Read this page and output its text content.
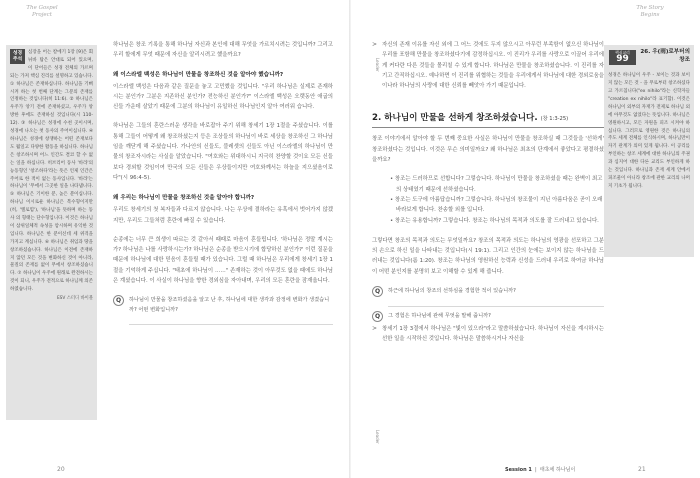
The Gospel Project
성경 주석
심장을 어는 칼에기 1장 [9]은 회 뉘바 탐은 안대로 되어 있으며, 이 단어들은 성경 전체의 가르며 되는 가져 핵심 진리를 설명하고 있습니다. ① 하나님은 존재하십니다. 하나님을 기뻐시켜 하는 첫 번째 단계는 그분의 존재를 인정하는 것입니다(히 11:6). ② 하나님은 우주가 앙기 전에 존재하셨고, 우주가 앙 방한 후에도 존재하실 것입니다(시 110-12). ③ 하나님은 성경에 수천 곳이시며, 성경에 나오는 첫 동사의 주어이십니다. ④ 하나님은 성경에 창쟁하는 어떤 존재보다도 월일고 다양한 활동을 하십니다. 하나님은 창조하시며 어느 인간도 결코 할 수 없는 일을 하십니다. 히브리어 동사 '바라'의 능동형인 '창조하다'라는 뜻은 언제 인간은 주어로 한 적이 없는 동사입니다. '바라'는 하나님이 '무에서 그곳한 일을 나타냅니다. ⑤ 하나님은 기이한 분, 높은 분이십니다. 하나님 이시로운 하나님은 복수형이지만(히, '엘로힘'), '하나님'을 뜻하며 하는 동사 의 형태는 단수형입니다. 이것은 하나님이 삼위일체적 속성을 암시하며 유익한 것입니다. 하나님은 한 분이신데 세 위격을 가지고 계십니다. ⑥ 하나님은 취임과 땅을 창조하셨습니다. 하나님은 이전에 존재하지 않던 모든 것을 변화하신 것이 아니라, 물질의 존재를 없이 무에서 창조하셨습니다. ⑦ 하나님이 우주에 원래로 완전하시는 것이 되니, 우주가 전적으로 하나님께 의존하였습니다.
ESV 스터디 바이블

하나님은 창조 기록을 통해 하나님 자신과 본인에 대해 무엇을 가르치시려는 것입니까? 그리고 우리 할에게 무엇 때문에 자신을 알리시려고 했을까요?

왜 이스라엘 백성은 하나님이 만물을 창조하신 것을 알아야 했습니까?

이스라엘 백성은 다음과 같은 질문을 놓고 고민했을 것입니다. "우리 하나님은 실제로 존재하시는 분인가? 그분은 지존하신 분인가? 전능하신 분인가?" 이스라엘 백성은 오랫동안 애굽의 신들 가운데 살았기 때문에 그분의 하나님이 유일하신 하나님인지 알아 여러워 습니다.

하나님은 그들의 혼란스러운 생각을 바로잡아 주기 위해 창세기 1장 1절을 주셨습니다. 이를 통해 그들이 어떻게 왜 창조하셨는지 등은 조상들의 하나님이 바로 세상을 창조하신 그 하나님임을 깨닫게 해 주셨습니다. 가나안의 신들도, 블레셋의 신들도 아닌 이스라엘의 하나님이 만물의 창조자시라는 사실을 알았습니다. "여호와는 위대하시니 지극히 찬양할 것이요 모든 신들보다 경외할 것임이여 만국의 모든 신들은 우상들이지만 여호와께서는 하늘을 지으셨음이로다"(시 96:4-5).

왜 우리는 하나님이 만물을 창조하신 것을 알아야 합니까?

우리도 창세기의 첫 복자들과 다르지 않습니다. 나는 우상에 결하라는 유혹에서 벗어가지 않겠지만, 우리도 그들처럼 혼란에 빠질 수 있습니다.

순종에는 너무 큰 희생이 따르는 것 같아서 때때로 마음이 혼들립니다. '하나님은 정말 계시는가? 하나님은 나를 사랑하시는가? 하나님은 순종을 받으시기에 합당하신 분인가?' 이런 질문을 때문에 하나님에 대한 믿음이 혼들릴 때가 있습니다. 그럴 때 하나님은 우리에게 창세기 1장 1절을 기억하게 주십니다. "태초에 하나님이 ……" 존재하는 것이 아무것도 없을 때에도 하나님은 계셨습니다. 이 사실이 하나님을 향한 경외심을 자아내며, 우리의 모든 혼란을 잠재웁니다.

Q	하나님이 만물을 창조하셨음을 알고 난 후, 하나님에 대한 생각과 감정에 변화가 생겼습니까? 어떤 변화입니까?
20
The Story Begins
Leader
Leader
> 자신의 존재 이유를 자신 외에 그 어느 것에도 두지 않으시고 아무런 부족함이 없으신 하나님이 우리를 포함해 만물을 창조하셨다기에 감정하십시오. 이 진리가 우리를 사랑으로 이끌어 우리에게 커다란 다른 것들을 몰리칠 수 있게 합니다. 하나님은 만물을 창조하셨습니다. 이 진리를 자기고 간직하십시오. 예나하면 이 진리를 위협하는 것들을 우리에게서 하나님에 대한 경외로움을 이나라 하나님의 사랑에 대한 신뢰를 빼앗아 가기 때문입니다.
2. 하나님이 만물을 선하게 창조하셨습니다. (창 1:3-25)

창조 이야기에서 알아야 할 두 번째 중요한 사실은 하나님이 만물을 창조하실 때 그것들을 '선하게' 창조하셨다는 것입니다. 이것은 무슨 의미일까요? 왜 하나님은 최초의 단계에서 좋았다고 평결하셨을까요?

• 창조는 드러하므로 선합니다? 그렇습니다. 하나님이 만물을 창조하셨을 때는 완벽이 최고의 상태였기 때문에 선하셨습니다.
• 창조는 도구에 아름답습니까? 그렇습니다. 하나님의 창조물이 지닌 아름다움은 곧이 오래 바라보게 합니다. 찬송할 외를 입니다.
• 창조는 유용합니까? 그렇습니다. 창조는 하나님의 목적과 의도를 잘 드러내고 있습니다.

그렇다면 창조의 목적과 의도는 무엇일까요? 창조의 목적과 의도는 하나님의 영광을 선포하고 그분의 손으로 하신 일을 나타내는 것입니다(시 19:1). 그리고 인간의 눈에는 보이지 않는 하나님을 드러내는 것입니다(롬 1:20). 창조는 하나님의 영원하신 능력과 신성을 드러내 우리로 하여금 하나님이 어떤 분인지를 분명히 보고 이해할 수 있게 해 줍니다.

Q	하근에 하나님의 창조의 선하심을 경험한 적이 있습니까?
Q	그 경험은 하나님에 관해 무엇을 말해 줍니까?
> 창세기 1장 3절에서 하나님은 "빛이 있으라"라고 말씀하셨습니다. 하나님이 자신을 계시하시는 선한 일을 시작하신 것입니다. 하나님은 말씀하시거나 자신을
핵심교리
99
26. 우(雨)로부터의 창조
성경은 하나님이 우주 - 보이는 것과 보이지 않는 모든 것 - 을 무로부터 창조하셨다고 가르칩니다("ex nihilo"라는 신학자들 "creation ex nihilo"라 표기함). 이것은 하나님이 외부의 자재가 전제로 하나님 외에 아무것도 없었다는 뜻입니다. 하나님은 영원하시고, 모든 자원을 피조 시켜야 하십니다. 그러므로 영원한 것은 하나님의 주도 세계 전체를 인식하시며, 하나님만이 자기 관계가 의미 있게 됩니다. 이 공리를 부인하는 창조 세계에 대한 하나님의 주권과 심지어 대한 다른 교리도 부인하게 하는 것입니다. 하나님과 존재 세계 안에서 피조물이 아니라 창조에 관한 교리의 나머지 기초가 됩니다.
Session 1  |  태초에 하나님이	21
